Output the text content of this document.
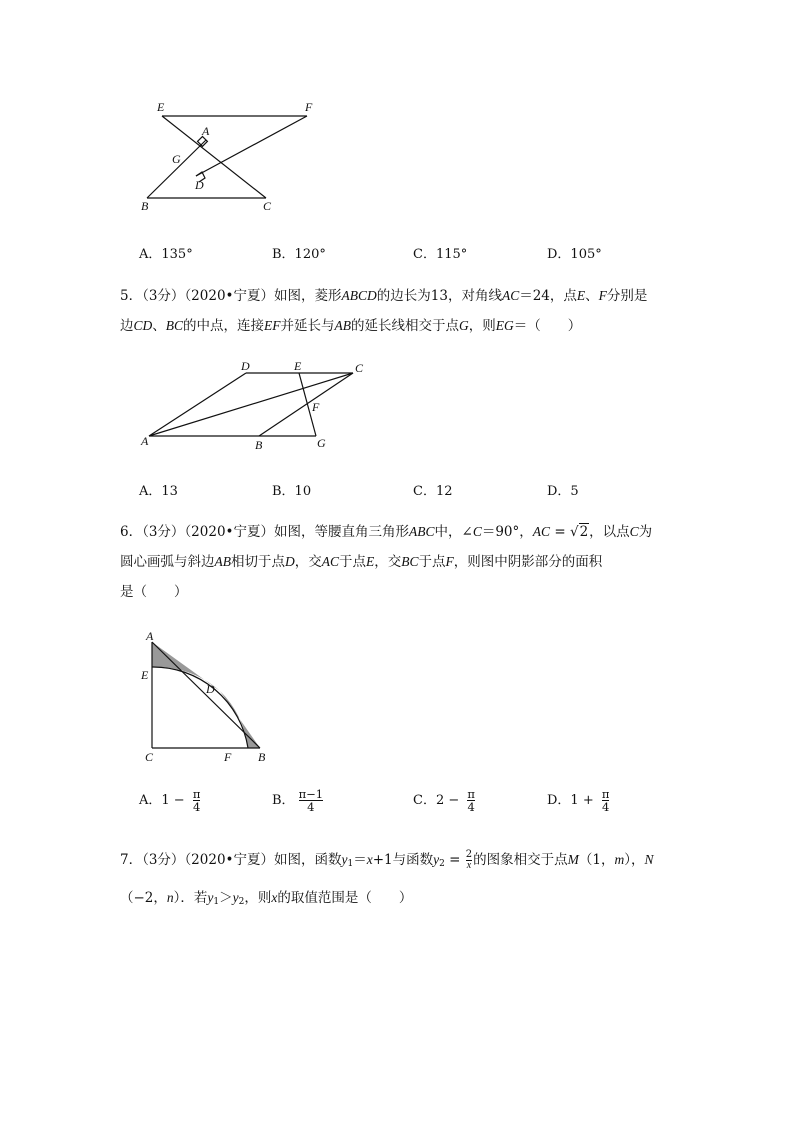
E	F
A
G
D
B	C
A．135°	B．120°	C．115°	D．105°
5．（3分）（2020•宁夏）如图，菱形ABCD的边长为13，对角线AC＝24，点E、F分别是
边CD、BC的中点，连接EF并延长与AB的延长线相交于点G，则EG＝（　　）
D	E	C
F
A	B	G
A．13	B．10	C．12	D．5
6．（3分）（2020•宁夏）如图，等腰直角三角形ABC中，∠C＝90°，AC = √2，以点C为
圆心画弧与斜边AB相切于点D，交AC于点E，交BC于点F，则图中阴影部分的面积
是（　　）
A
E
D
C	F B
A．$1 - \frac{\pi}{4}$	B． $\frac{\pi-1}{4}$	C．$2 - \frac{\pi}{4}$	D．$1 + \frac{\pi}{4}$
7．（3分）（2020•宁夏）如图，函数y1＝x+1与函数$y2 = \frac{2}{x}$ 的图象相交于点M（1，m），N
（−2，n）．若y1＞y2，则x的取值范围是（　　）
